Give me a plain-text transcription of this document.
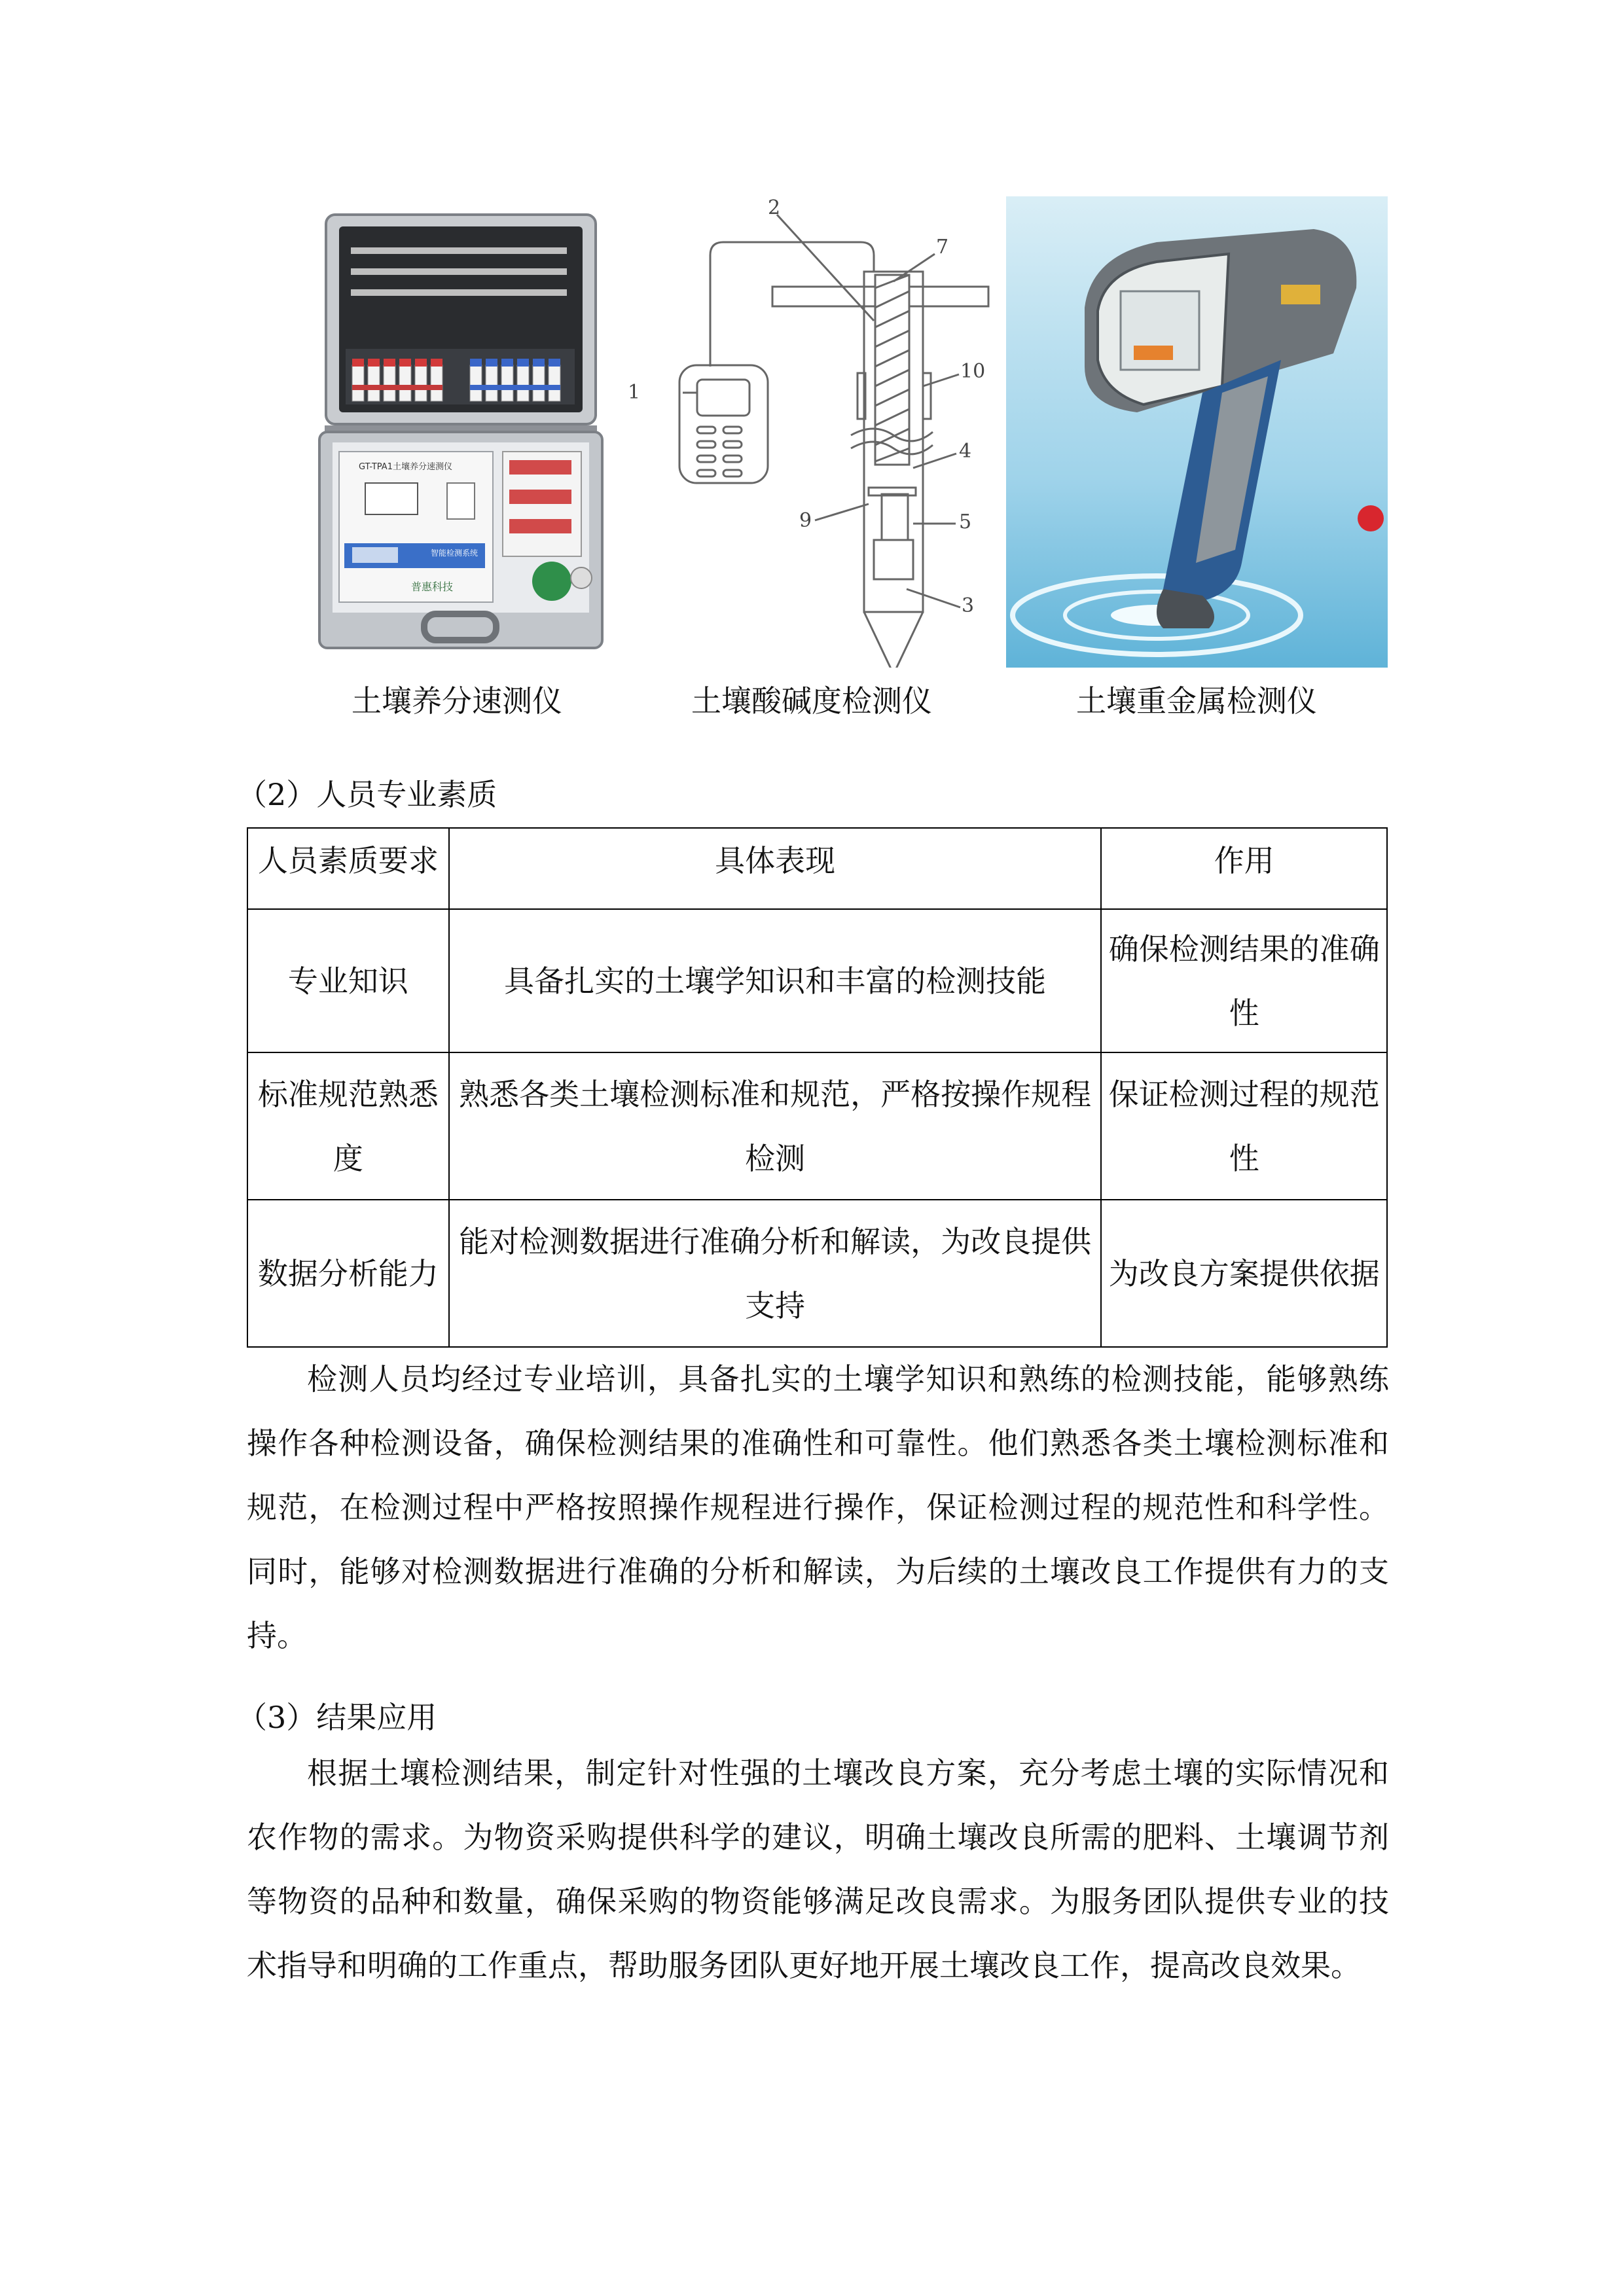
GT-TPA1土壤养分速测仪
智能检测系统
普惠科技
土壤养分速测仪
2
7
10
1
4
9	5
3
土壤酸碱度检测仪	土壤重金属检测仪
（2）人员专业素质
人员素质要求	具体表现	作用
专业知识	具备扎实的土壤学知识和丰富的检测技能	确保检测结果的准确性
标准规范熟悉度	熟悉各类土壤检测标准和规范，严格按操作规程检测	保证检测过程的规范性
数据分析能力	能对检测数据进行准确分析和解读，为改良提供支持	为改良方案提供依据

检测人员均经过专业培训，具备扎实的土壤学知识和熟练的检测技能，能够熟练操作各种检测设备，确保检测结果的准确性和可靠性。他们熟悉各类土壤检测标准和规范，在检测过程中严格按照操作规程进行操作，保证检测过程的规范性和科学性。同时，能够对检测数据进行准确的分析和解读，为后续的土壤改良工作提供有力的支持。

（3）结果应用

根据土壤检测结果，制定针对性强的土壤改良方案，充分考虑土壤的实际情况和农作物的需求。为物资采购提供科学的建议，明确土壤改良所需的肥料、土壤调节剂等物资的品种和数量，确保采购的物资能够满足改良需求。为服务团队提供专业的技术指导和明确的工作重点，帮助服务团队更好地开展土壤改良工作，提高改良效果。
